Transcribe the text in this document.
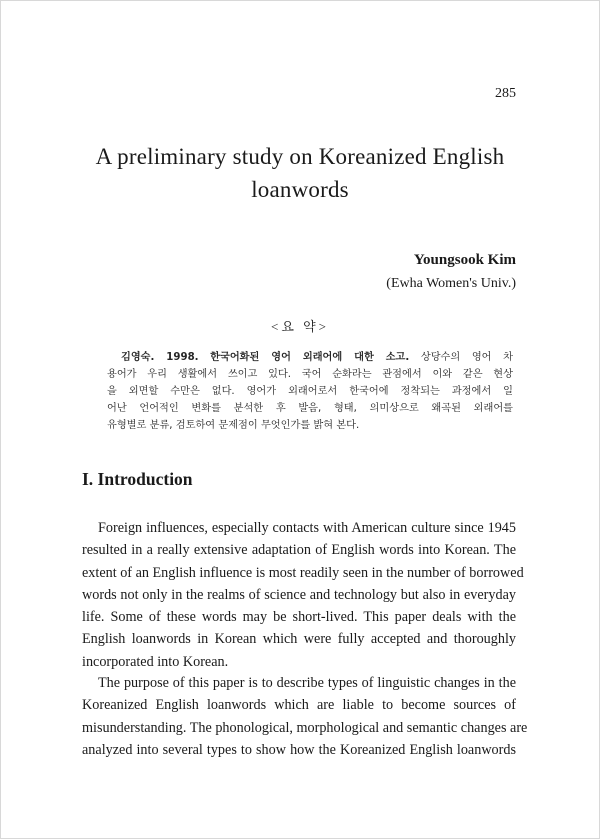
285
A preliminary study on Koreanized English
loanwords
Youngsook Kim
(Ewha Women's Univ.)
<요 약>
김영숙. 1998. 한국어화된 영어 외래어에 대한 소고. 상당수의 영어 차
용어가 우리 생활에서 쓰이고 있다. 국어 순화라는 관점에서 이와 같은 현상
을 외면할 수만은 없다. 영어가 외래어로서 한국어에 정착되는 과정에서 일
어난 언어적인 변화를 분석한 후 발음, 형태, 의미상으로 왜곡된 외래어를
유형별로 분류, 검토하여 문제점이 무엇인가를 밝혀 본다.
I. Introduction
Foreign influences, especially contacts with American culture since 1945
resulted in a really extensive adaptation of English words into Korean. The
extent of an English influence is most readily seen in the number of borrowed
words not only in the realms of science and technology but also in everyday
life. Some of these words may be short-lived. This paper deals with the
English loanwords in Korean which were fully accepted and thoroughly
incorporated into Korean.
The purpose of this paper is to describe types of linguistic changes in the
Koreanized English loanwords which are liable to become sources of
misunderstanding. The phonological, morphological and semantic changes are
analyzed into several types to show how the Koreanized English loanwords
